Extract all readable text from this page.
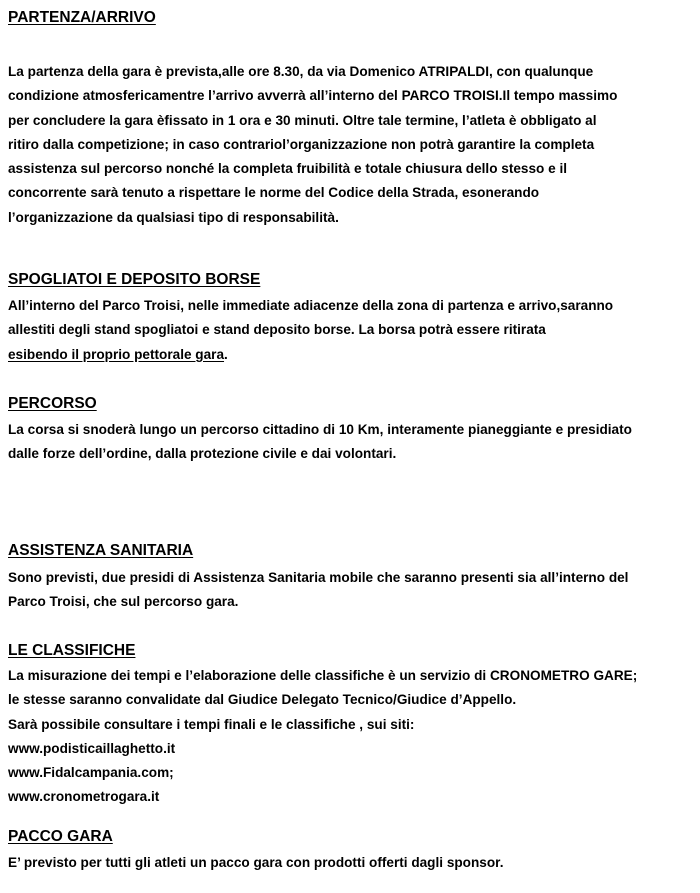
PARTENZA/ARRIVO
La partenza della gara è prevista,alle ore 8.30, da via Domenico ATRIPALDI, con qualunque
condizione atmosfericamentre l’arrivo avverrà all’interno del PARCO TROISI.Il tempo massimo
per concludere la gara èfissato in 1 ora e 30 minuti. Oltre tale termine, l’atleta è obbligato al
ritiro dalla competizione; in caso contrariol’organizzazione non potrà garantire la completa
assistenza sul percorso nonché la completa fruibilità e totale chiusura dello stesso e il
concorrente sarà tenuto a rispettare le norme del Codice della Strada, esonerando
l’organizzazione da qualsiasi tipo di responsabilità.
SPOGLIATOI E DEPOSITO BORSE
All’interno del Parco Troisi, nelle immediate adiacenze della zona di partenza e arrivo,saranno
allestiti degli stand spogliatoi e stand deposito borse. La borsa potrà essere ritirata
esibendo il proprio pettorale gara.
PERCORSO
La corsa si snoderà lungo un percorso cittadino di 10 Km, interamente pianeggiante e presidiato
dalle forze dell’ordine, dalla protezione civile e dai volontari.
ASSISTENZA SANITARIA
Sono previsti, due presidi di Assistenza Sanitaria mobile che saranno presenti sia all’interno del
Parco Troisi, che sul percorso gara.
LE CLASSIFICHE
La misurazione dei tempi e l’elaborazione delle classifiche è un servizio di CRONOMETRO GARE;
le stesse saranno convalidate dal Giudice Delegato Tecnico/Giudice d’Appello.
Sarà possibile consultare i tempi finali e le classifiche , sui siti:
www.podisticaillaghetto.it
www.Fidalcampania.com;
www.cronometrogara.it
PACCO GARA
E’ previsto per tutti gli atleti un pacco gara con prodotti offerti dagli sponsor.
